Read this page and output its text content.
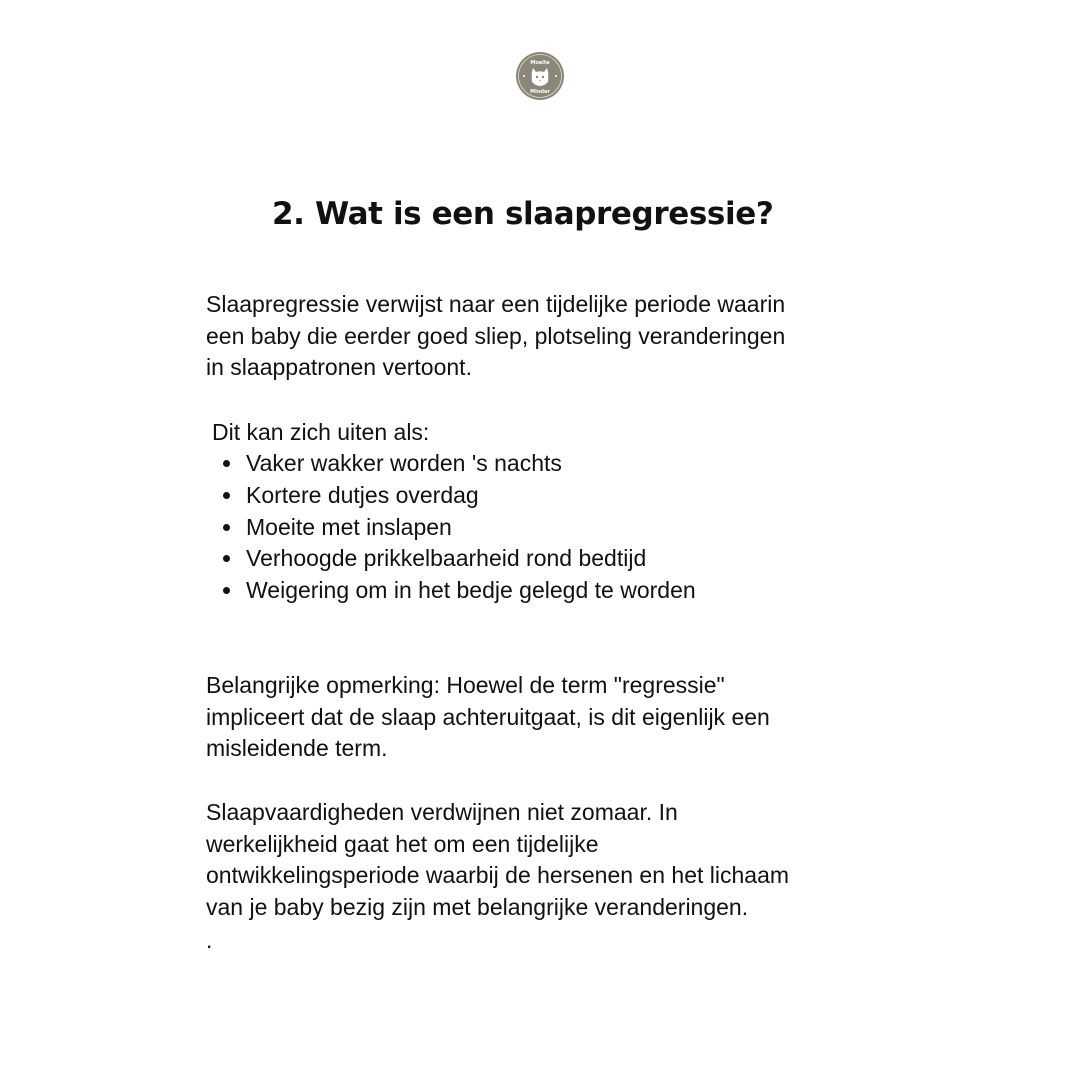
Moeite
Minder
2. Wat is een slaapregressie?

Slaapregressie verwijst naar een tijdelijke periode waarin
een baby die eerder goed sliep, plotseling veranderingen
in slaappatronen vertoont.

Dit kan zich uiten als:

Vaker wakker worden 's nachts
Kortere dutjes overdag
Moeite met inslapen
Verhoogde prikkelbaarheid rond bedtijd
Weigering om in het bedje gelegd te worden

Belangrijke opmerking: Hoewel de term "regressie"
impliceert dat de slaap achteruitgaat, is dit eigenlijk een
misleidende term.

Slaapvaardigheden verdwijnen niet zomaar. In
werkelijkheid gaat het om een tijdelijke
ontwikkelingsperiode waarbij de hersenen en het lichaam
van je baby bezig zijn met belangrijke veranderingen.

.
